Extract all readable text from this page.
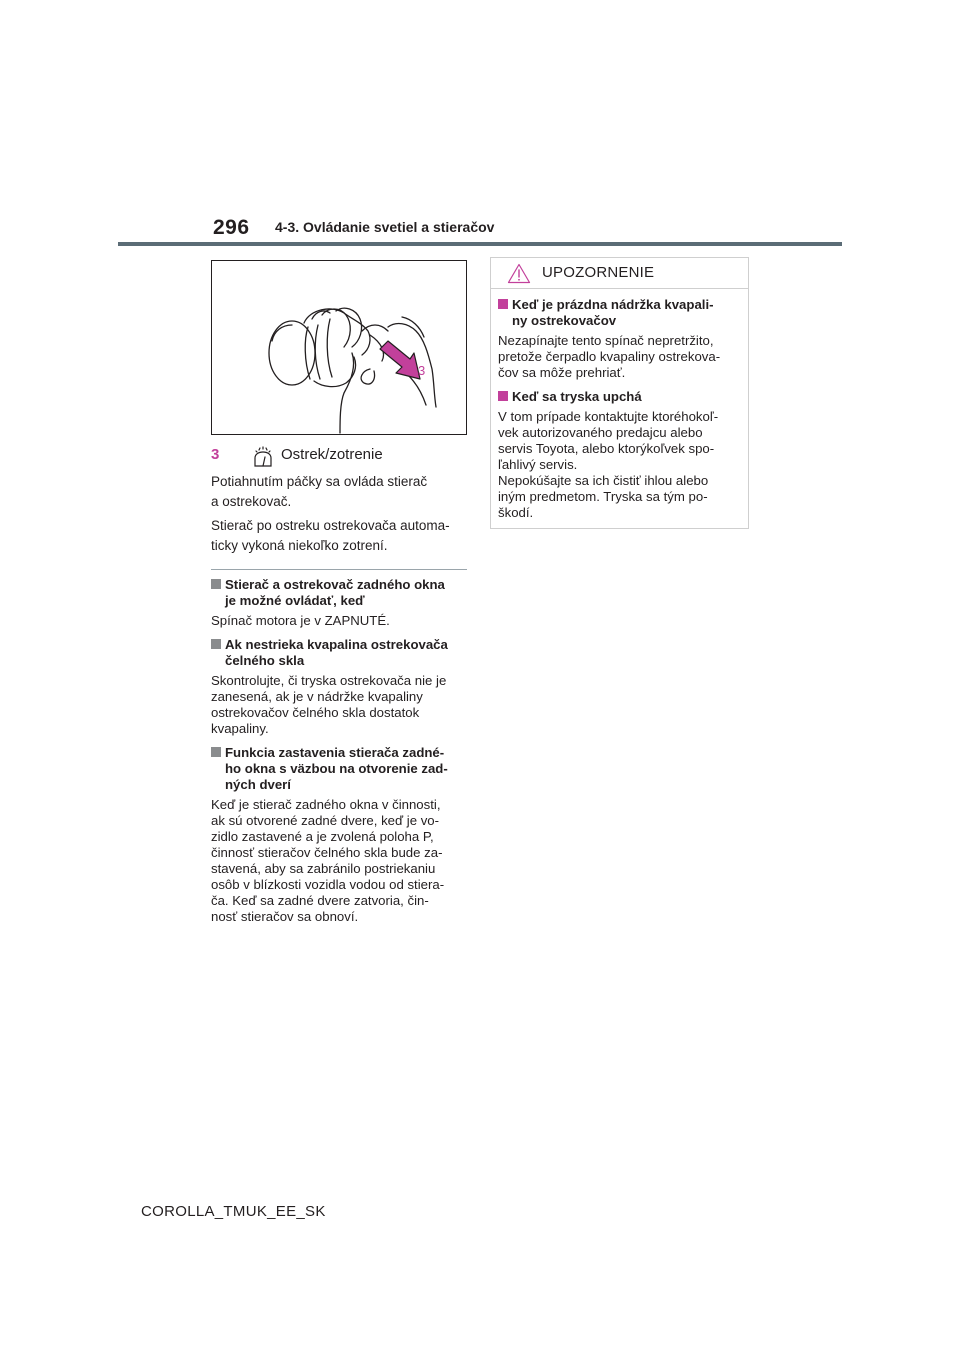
296 4-3. Ovládanie svetiel a stieračov
3
3	Ostrek/zotrenie
Potiahnutím páčky sa ovláda stierač
a ostrekovač.
Stierač po ostreku ostrekovača automa-
ticky vykoná niekoľko zotrení.
Stierač a ostrekovač zadného okna
je možné ovládať, keď
Spínač motora je v ZAPNUTÉ.
Ak nestrieka kvapalina ostrekovača
čelného skla
Skontrolujte, či tryska ostrekovača nie je
zanesená, ak je v nádržke kvapaliny
ostrekovačov čelného skla dostatok
kvapaliny.
Funkcia zastavenia stierača zadné-
ho okna s väzbou na otvorenie zad-
ných dverí
Keď je stierač zadného okna v činnosti,
ak sú otvorené zadné dvere, keď je vo-
zidlo zastavené a je zvolená poloha P,
činnosť stieračov čelného skla bude za-
stavená, aby sa zabránilo postriekaniu
osôb v blízkosti vozidla vodou od stiera-
ča. Keď sa zadné dvere zatvoria, čin-
nosť stieračov sa obnoví.
UPOZORNENIE
Keď je prázdna nádržka kvapali-
ny ostrekovačov
Nezapínajte tento spínač nepretržito,
pretože čerpadlo kvapaliny ostrekova-
čov sa môže prehriať.
Keď sa tryska upchá
V tom prípade kontaktujte ktoréhokoľ-
vek autorizovaného predajcu alebo
servis Toyota, alebo ktorýkoľvek spo-
ľahlivý servis.
Nepokúšajte sa ich čistiť ihlou alebo
iným predmetom. Tryska sa tým po-
škodí.
COROLLA_TMUK_EE_SK
